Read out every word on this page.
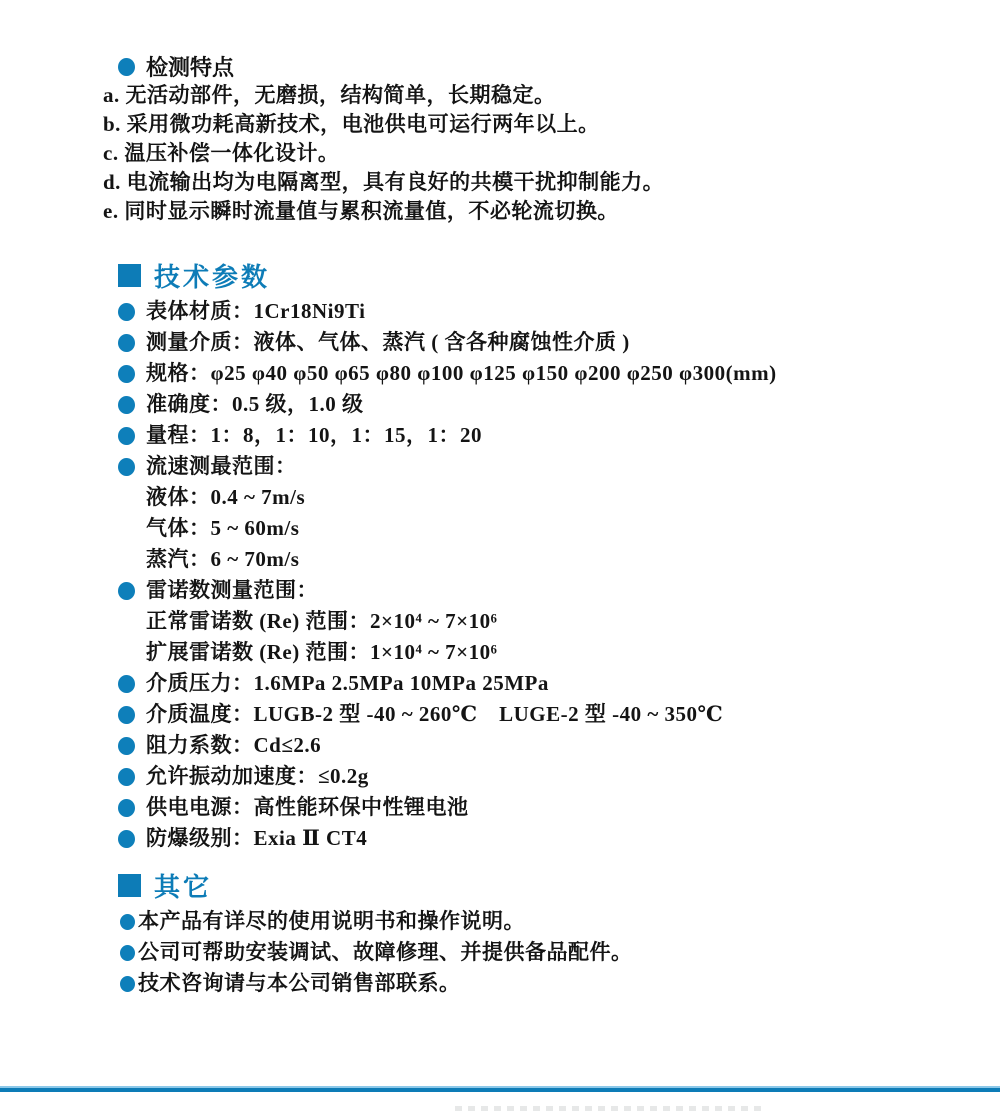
检测特点
a. 无活动部件，无磨损，结构简单，长期稳定。
b. 采用微功耗高新技术，电池供电可运行两年以上。
c. 温压补偿一体化设计。
d. 电流输出均为电隔离型，具有良好的共模干扰抑制能力。
e. 同时显示瞬时流量值与累积流量值，不必轮流切换。
技术参数
表体材质：1Cr18Ni9Ti
测量介质：液体、气体、蒸汽 ( 含各种腐蚀性介质 )
规格：φ25 φ40 φ50 φ65 φ80 φ100 φ125 φ150 φ200 φ250 φ300(mm)
准确度：0.5 级，1.0 级
量程：1：8，1：10，1：15，1：20
流速测最范围：
液体：0.4 ~ 7m/s
气体：5 ~ 60m/s
蒸汽：6 ~ 70m/s
雷诺数测量范围：
正常雷诺数 (Re) 范围：2×10⁴ ~ 7×10⁶
扩展雷诺数 (Re) 范围：1×10⁴ ~ 7×10⁶
介质压力：1.6MPa 2.5MPa 10MPa 25MPa
介质温度：LUGB-2 型 -40 ~ 260℃　LUGE-2 型 -40 ~ 350℃
阻力系数：Cd≤2.6
允许振动加速度：≤0.2g
供电电源：高性能环保中性锂电池
防爆级别：Exia Ⅱ CT4
其它
本产品有详尽的使用说明书和操作说明。
公司可帮助安装调试、故障修理、并提供备品配件。
技术咨询请与本公司销售部联系。
